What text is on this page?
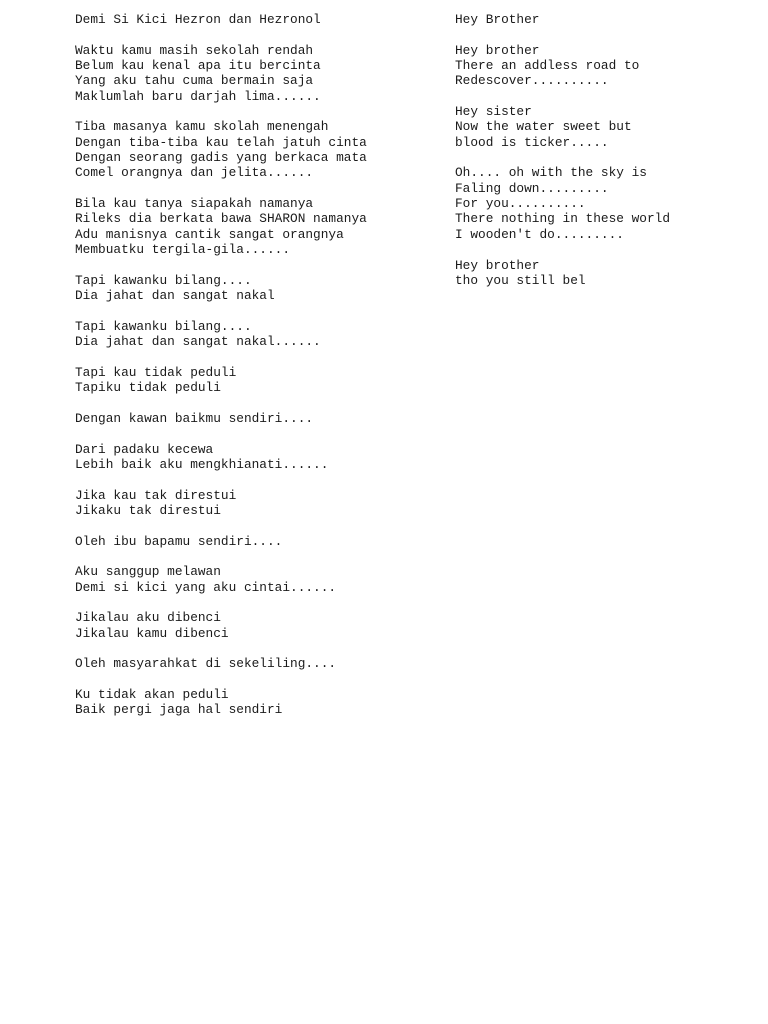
Demi Si Kici Hezron dan Hezronol
Waktu kamu masih sekolah rendah
Belum kau kenal apa itu bercinta
Yang aku tahu cuma bermain saja
Maklumlah baru darjah lima......
Tiba masanya kamu skolah menengah
Dengan tiba-tiba kau telah jatuh cinta
Dengan seorang gadis yang berkaca mata
Comel orangnya dan jelita......
Bila kau tanya siapakah namanya
Rileks dia berkata bawa SHARON namanya
Adu manisnya cantik sangat orangnya
Membuatku tergila-gila......
Tapi kawanku bilang....
Dia jahat dan sangat nakal
Tapi kawanku bilang....
Dia jahat dan sangat nakal......
Tapi kau tidak peduli
Tapiku tidak peduli
Dengan kawan baikmu sendiri....
Dari padaku kecewa
Lebih baik aku mengkhianati......
Jika kau tak direstui
Jikaku tak direstui
Oleh ibu bapamu sendiri....
Aku sanggup melawan
Demi si kici yang aku cintai......
Jikalau aku dibenci
Jikalau kamu dibenci
Oleh masyarahkat di sekeliling....
Ku tidak akan peduli
Baik pergi jaga hal sendiri
Hey Brother
Hey brother
There an addless road to
Redescover..........
Hey sister
Now the water sweet but
blood is ticker.....
Oh.... oh with the sky is
Faling down.........
For you..........
There nothing in these world
I wooden't do.........
Hey brother
tho you still bel
